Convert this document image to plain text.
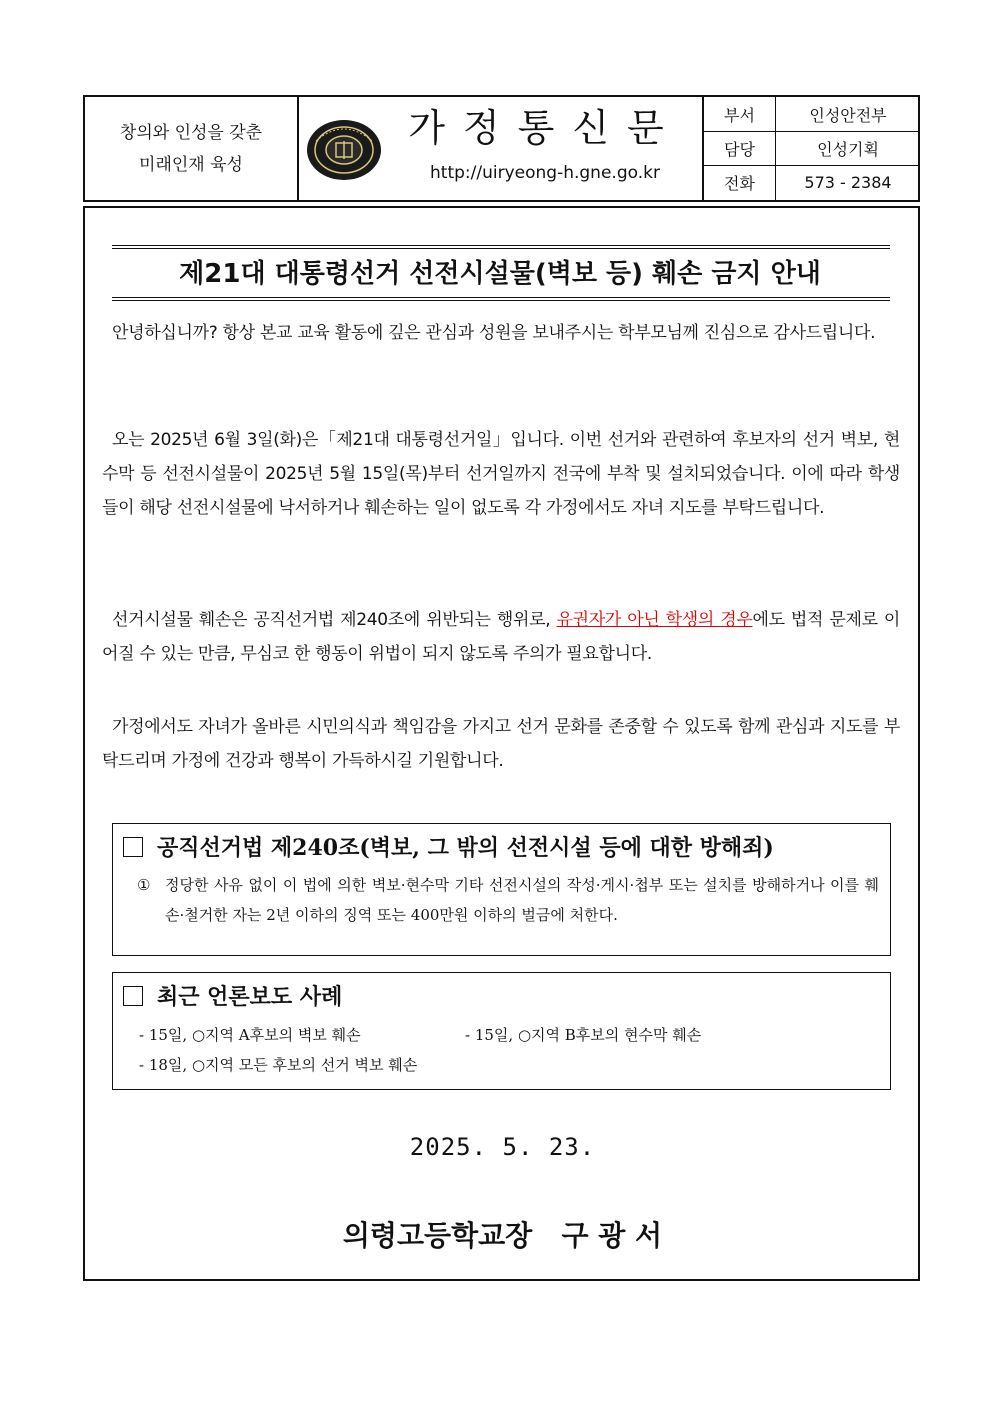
창의와 인성을 갖춘
미래인재 육성
가정통신문
http://uiryeong-h.gne.go.kr
부서	인성안전부
담당	인성기획
전화	573 - 2384
제21대 대통령선거 선전시설물(벽보 등) 훼손 금지 안내
안녕하십니까? 항상 본교 교육 활동에 깊은 관심과 성원을 보내주시는 학부모님께 진심으로 감사드립니다.
오는 2025년 6월 3일(화)은「제21대 대통령선거일」입니다. 이번 선거와 관련하여 후보자의 선거 벽보, 현수막 등 선전시설물이 2025년 5월 15일(목)부터 선거일까지 전국에 부착 및 설치되었습니다. 이에 따라 학생들이 해당 선전시설물에 낙서하거나 훼손하는 일이 없도록 각 가정에서도 자녀 지도를 부탁드립니다.
선거시설물 훼손은 공직선거법 제240조에 위반되는 행위로, 유권자가 아닌 학생의 경우에도 법적 문제로 이어질 수 있는 만큼, 무심코 한 행동이 위법이 되지 않도록 주의가 필요합니다.
가정에서도 자녀가 올바른 시민의식과 책임감을 가지고 선거 문화를 존중할 수 있도록 함께 관심과 지도를 부탁드리며 가정에 건강과 행복이 가득하시길 기원합니다.
공직선거법 제240조(벽보, 그 밖의 선전시설 등에 대한 방해죄)
① 정당한 사유 없이 이 법에 의한 벽보·현수막 기타 선전시설의 작성·게시·첩부 또는 설치를 방해하거나 이를 훼손·철거한 자는 2년 이하의 징역 또는 400만원 이하의 벌금에 처한다.
최근 언론보도 사례
- 15일, ○지역 A후보의 벽보 훼손	- 15일, ○지역 B후보의 현수막 훼손
- 18일, ○지역 모든 후보의 선거 벽보 훼손
2025. 5. 23.
의령고등학교장   구 광 서
